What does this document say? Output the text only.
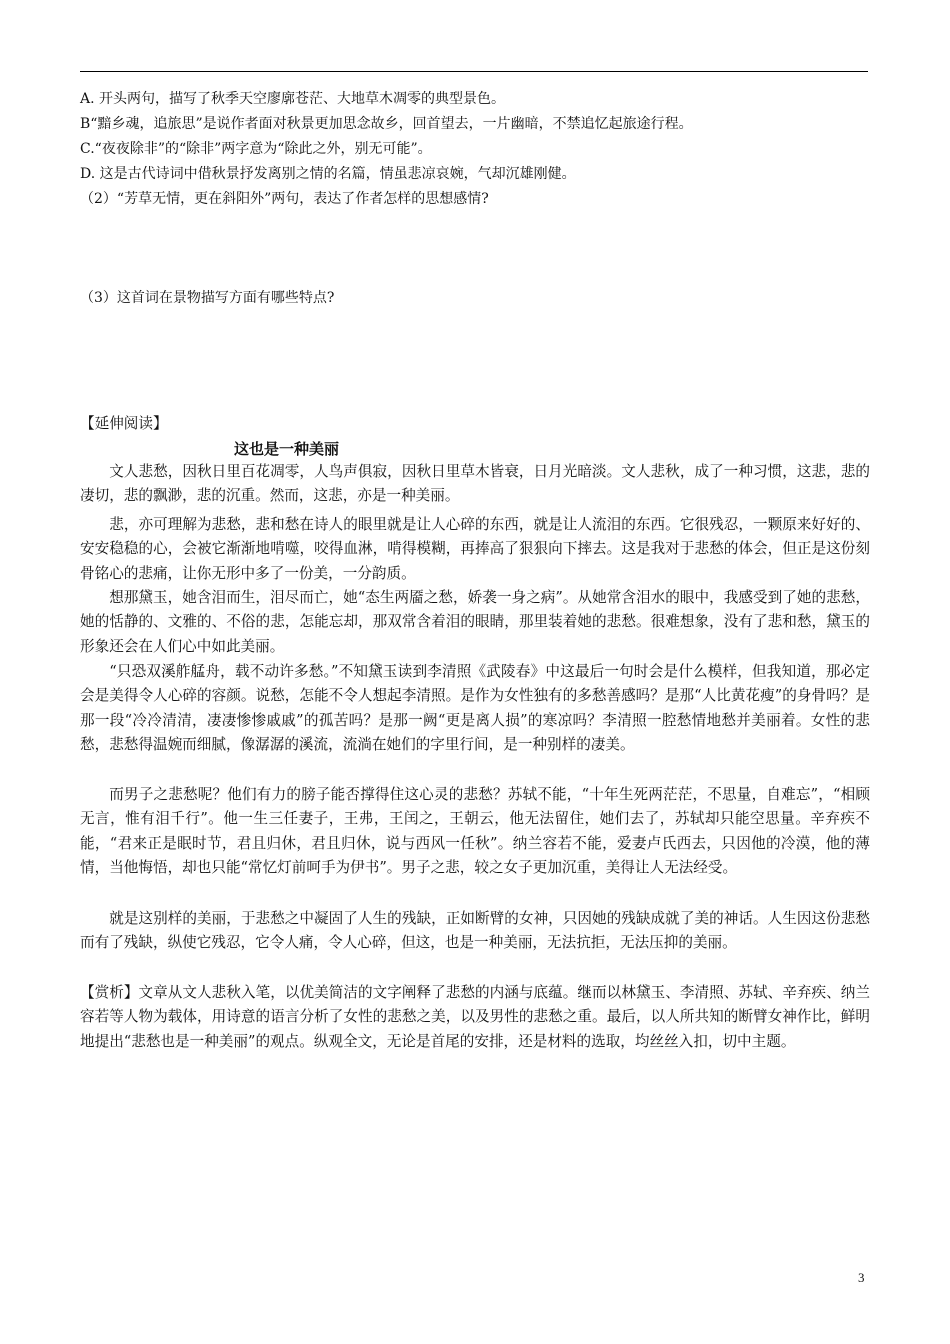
A. 开头两句，描写了秋季天空廖廓苍茫、大地草木凋零的典型景色。
B“黯乡魂，追旅思”是说作者面对秋景更加思念故乡，回首望去，一片幽暗，不禁追忆起旅途行程。
C.“夜夜除非”的“除非”两字意为“除此之外，别无可能”。
D. 这是古代诗词中借秋景抒发离别之情的名篇，情虽悲凉哀婉，气却沉雄刚健。
（2）“芳草无情，更在斜阳外”两句，表达了作者怎样的思想感情?
（3）这首词在景物描写方面有哪些特点?
【延伸阅读】
这也是一种美丽
文人悲愁，因秋日里百花凋零，人鸟声俱寂，因秋日里草木皆衰，日月光暗淡。文人悲秋，成了一种习惯，这悲，悲的凄切，悲的飘渺，悲的沉重。然而，这悲，亦是一种美丽。
悲，亦可理解为悲愁，悲和愁在诗人的眼里就是让人心碎的东西，就是让人流泪的东西。它很残忍，一颗原来好好的、安安稳稳的心，会被它渐渐地啃噬，咬得血淋，啃得模糊，再捧高了狠狠向下摔去。这是我对于悲愁的体会，但正是这份刻骨铭心的悲痛，让你无形中多了一份美，一分韵质。
想那黛玉，她含泪而生，泪尽而亡，她“态生两靥之愁，娇袭一身之病”。从她常含泪水的眼中，我感受到了她的悲愁，她的恬静的、文雅的、不俗的悲，怎能忘却，那双常含着泪的眼睛，那里装着她的悲愁。很难想象，没有了悲和愁，黛玉的形象还会在人们心中如此美丽。
“只恐双溪舴艋舟，载不动许多愁。”不知黛玉读到李清照《武陵春》中这最后一句时会是什么模样，但我知道，那必定会是美得令人心碎的容颜。说愁，怎能不令人想起李清照。是作为女性独有的多愁善感吗？是那“人比黄花瘦”的身骨吗？是那一段“冷冷清清，凄凄惨惨戚戚”的孤苦吗？是那一阙“更是离人损”的寒凉吗？李清照一腔愁情地愁并美丽着。女性的悲愁，悲愁得温婉而细腻，像潺潺的溪流，流淌在她们的字里行间，是一种别样的凄美。
而男子之悲愁呢？他们有力的膀子能否撑得住这心灵的悲愁？苏轼不能，“十年生死两茫茫，不思量，自难忘”，“相顾无言，惟有泪千行”。他一生三任妻子，王弗，王闰之，王朝云，他无法留住，她们去了，苏轼却只能空思量。辛弃疾不能，“君来正是眠时节，君且归休，君且归休，说与西风一任秋”。纳兰容若不能，爱妻卢氏西去，只因他的冷漠，他的薄情，当他悔悟，却也只能“常忆灯前呵手为伊书”。男子之悲，较之女子更加沉重，美得让人无法经受。
就是这别样的美丽，于悲愁之中凝固了人生的残缺，正如断臂的女神，只因她的残缺成就了美的神话。人生因这份悲愁而有了残缺，纵使它残忍，它令人痛，令人心碎，但这，也是一种美丽，无法抗拒，无法压抑的美丽。
【赏析】文章从文人悲秋入笔，以优美简洁的文字阐释了悲愁的内涵与底蕴。继而以林黛玉、李清照、苏轼、辛弃疾、纳兰容若等人物为载体，用诗意的语言分析了女性的悲愁之美，以及男性的悲愁之重。最后，以人所共知的断臂女神作比，鲜明地提出“悲愁也是一种美丽”的观点。纵观全文，无论是首尾的安排，还是材料的选取，均丝丝入扣，切中主题。
3
